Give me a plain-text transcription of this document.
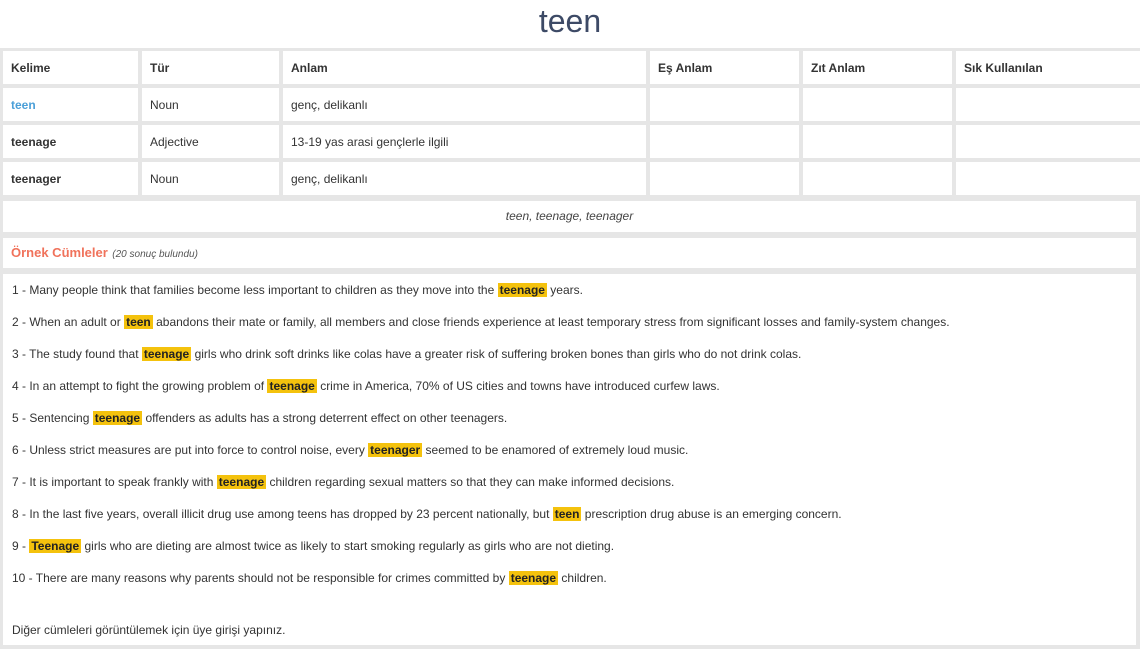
teen
Kelime	Tür	Anlam	Eş Anlam	Zıt Anlam	Sık Kullanılan
teen	Noun	genç, delikanlı			
teenage	Adjective	13-19 yas arasi gençlerle ilgili			
teenager	Noun	genç, delikanlı			
teen, teenage, teenager
Örnek Cümleler (20 sonuç bulundu)
1 - Many people think that families become less important to children as they move into the teenage years.
2 - When an adult or teen abandons their mate or family, all members and close friends experience at least temporary stress from significant losses and family-system changes.
3 - The study found that teenage girls who drink soft drinks like colas have a greater risk of suffering broken bones than girls who do not drink colas.
4 - In an attempt to fight the growing problem of teenage crime in America, 70% of US cities and towns have introduced curfew laws.
5 - Sentencing teenage offenders as adults has a strong deterrent effect on other teenagers.
6 - Unless strict measures are put into force to control noise, every teenager seemed to be enamored of extremely loud music.
7 - It is important to speak frankly with teenage children regarding sexual matters so that they can make informed decisions.
8 - In the last five years, overall illicit drug use among teens has dropped by 23 percent nationally, but teen prescription drug abuse is an emerging concern.
9 - Teenage girls who are dieting are almost twice as likely to start smoking regularly as girls who are not dieting.
10 - There are many reasons why parents should not be responsible for crimes committed by teenage children.
Diğer cümleleri görüntülemek için üye girişi yapınız.
